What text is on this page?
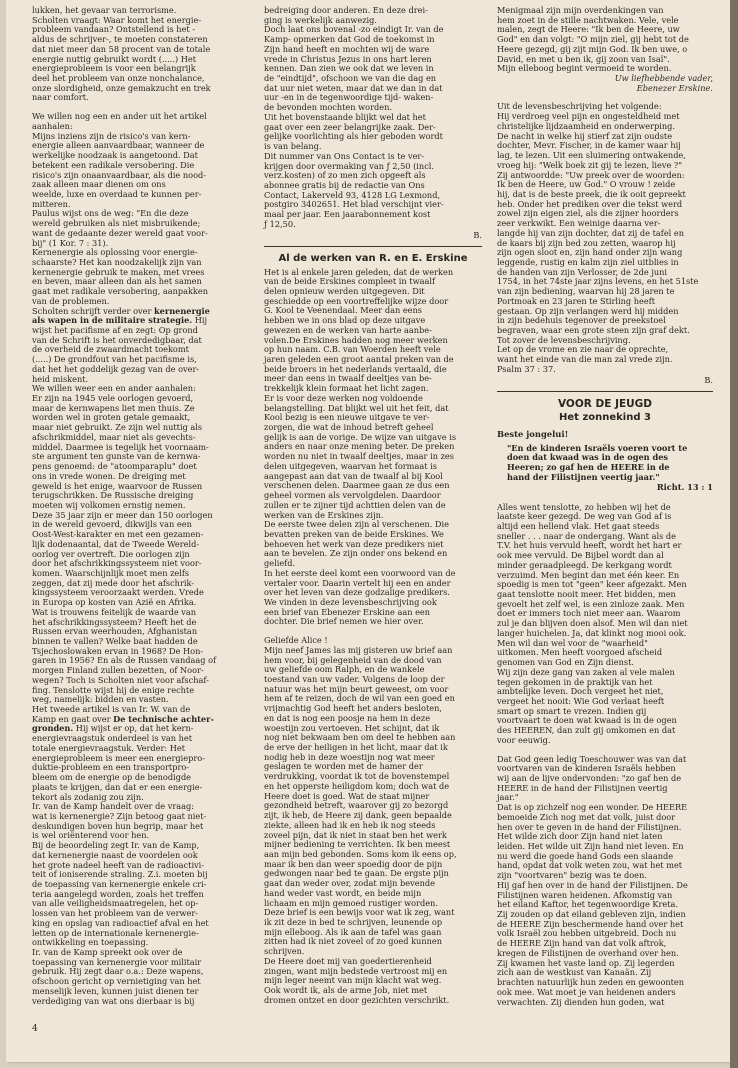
lukken, het gevaar van terrorisme.
Scholten vraagt: Waar komt het energie-
probleem vandaan? Ontstellend is het -
aldus de schrijver-, te moeten constateren
dat niet meer dan 58 procent van de totale
energie nuttig gebruikt wordt (.....) Het
energieprobleem is voor een belangrijk
deel het probleem van onze nonchalance,
onze slordigheid, onze gemakzucht en trek
naar comfort.

We willen nog een en ander uit het artikel
aanhalen:
Mijns inziens zijn de risico's van kern-
energie alleen aanvaardbaar, wanneer de
werkelijke noodzaak is aangetoond. Dat
betekent een radikale versobering. Die
risico's zijn onaanvaardbaar, als die nood-
zaak alleen maar dienen om ons
weelde, luxe en overdaad te kunnen per-
mitteren.
Paulus wijst ons de weg: "En die deze
wereld gebruiken als niet misbruikende;
want de gedaante dezer wereld gaat voor-
bij" (1 Kor. 7 : 31).
Kernenergie als oplossing voor energie-
schaarste? Het kan noodzakelijk zijn van
kernenergie gebruik te maken, met vrees
en beven, maar alleen dan als het samen
gaat met radikale versobering, aanpakken
van de problemen.

Scholten schrijft verder over kernenergie
als wapen in de militaire strategie. Hij
wijst het pacifisme af en zegt: Op grond
van de Schrift is het onverdedigbaar, dat
de overheid de zwaardmacht toekomt
(.....) De grondfout van het pacifisme is,
dat het het goddelijk gezag van de over-
heid miskent.
We willen weer een en ander aanhalen:
Er zijn na 1945 vele oorlogen gevoerd,
maar de kernwapens liet men thuis. Ze
worden wel in groten getale gemaakt,
maar niet gebruikt. Ze zijn wel nuttig als
afschrikmiddel, maar niet als gevechts-
middel. Daarmee is tegelijk het voornaam-
ste argument ten gunste van de kernwa-
pens genoemd: de "atoomparaplu" doet
ons in vrede wonen. De dreiging met
geweld is het enige, waarvoor de Russen
terugschrikken. De Russische dreiging
moeten wij volkomen ernstig nemen.
Deze 35 jaar zijn er meer dan 150 oorlogen
in de wereld gevoerd, dikwijls van een
Oost-West-karakter en met een gezamen-
lijk dodenaantal, dat de Tweede Wereld-
oorlog ver overtreft. Die oorlogen zijn
door het afschrikkingssysteem niet voor-
komen. Waarschijnlijk moet men zelfs
zeggen, dat zij mede door het afschrik-
kingssysteem veroorzaakt werden. Vrede
in Europa op kosten van Azië en Afrika.
Wat is trouwens feitelijk de waarde van
het afschrikkingssysteem? Heeft het de
Russen ervan weerhouden, Afghanistan
binnen te vallen? Welke baat hadden de
Tsjechoslowaken ervan in 1968? De Hon-
garen in 1956? En als de Russen vandaag of
morgen Finland zullen bezetten, of Noor-
wegen? Toch is Scholten niet voor afschaf-
fing. Tenslotte wijst hij de enige rechte
weg, namelijk: bidden en vasten.

Het tweede artikel is van Ir. W. van de
Kamp en gaat over De technische achter-
gronden. Hij wijst er op, dat het kern-
energievraagstuk onderdeel is van het
totale energievraagstuk. Verder: Het
energieprobleem is meer een energiepro-
duktie-probleem en een transportpro-
bleem om de energie op de benodigde
plaats te krijgen, dan dat er een energie-
tekort als zodanig zou zijn.
Ir. van de Kamp handelt over de vraag:
wat is kernenergie? Zijn betoog gaat niet-
deskundigen boven hun begrip, maar het
is wel oriënterend voor hen.
Bij de beoordeling zegt Ir. van de Kamp,
dat kernenergie naast de voordelen ook
het grote nadeel heeft van de radioactivi-
teit of ioniserende straling. Z.i. moeten bij
de toepassing van kernenergie enkele cri-
teria aangelegd worden, zoals het treffen
van alle veiligheidsmaatregelen, het op-
lossen van het probleem van de verwer-
king en opslag van radioactief afval en het
letten op de internationale kernenergie-
ontwikkeling en toepassing.
Ir. van de Kamp spreekt ook over de
toepassing van kernenergie voor militair
gebruik. Hij zegt daar o.a.: Deze wapens,
ofschoon gericht op vernietiging van het
menselijk leven, kunnen juist dienen ter
verdediging van wat ons dierbaar is bij

bedreiging door anderen. En deze drei-
ging is werkelijk aanwezig.
Doch laat ons bovenal -zo eindigt Ir. van de
Kamp- opmerken dat God de toekomst in
Zijn hand heeft en mochten wij de ware
vrede in Christus Jezus in ons hart leren
kennen. Dan zien we ook dat we leven in
de "eindtijd", ofschoon we van die dag en
dat uur niet weten, maar dat we dan in dat
uur -en in de tegenwoordige tijd- waken-
de bevonden mochten worden.
Uit het bovenstaande blijkt wel dat het
gaat over een zeer belangrijke zaak. Der-
gelijke voorlichting als hier geboden wordt
is van belang.
Dit nummer van Ons Contact is te ver-
krijgen door overmaking van ƒ 2,50 (incl.
verz.kosten) of zo men zich opgeeft als
abonnee gratis bij de redactie van Ons
Contact, Lakerveld 93, 4128 LG Lexmond,
postgiro 3402651. Het blad verschijnt vier-
maal per jaar. Een jaarabonnement kost
ƒ 12,50.

B.

Al de werken van R. en E. Erskine

Het is al enkele jaren geleden, dat de werken
van de beide Erskines compleet in twaalf
delen opnieuw werden uitgegeven. Dit
geschiedde op een voortreffelijke wijze door
G. Kool te Veenendaal. Meer dan eens
hebben we in ons blad op deze uitgave
gewezen en de werken van harte aanbe-
volen.De Erskines hadden nog meer werken
op hun naam. C.B. van Woerden heeft vele
jaren geleden een groot aantal preken van de
beide broers in het nederlands vertaald, die
meer dan eens in twaalf deeltjes van be-
trekkelijk klein formaat het licht zagen.
Er is voor deze werken nog voldoende
belangstelling. Dat blijkt wel uit het feit, dat
Kool bezig is een nieuwe uitgave te ver-
zorgen, die wat de inhoud betreft geheel
gelijk is aan de vorige. De wijze van uitgave is
anders en naar onze mening beter. De preken
worden nu niet in twaalf deeltjes, maar in zes
delen uitgegeven, waarvan het formaat is
aangepast aan dat van de twaalf al bij Kool
verschenen delen. Daarmee gaan ze dus een
geheel vormen als vervolgdelen. Daardoor
zullen er te zijner tijd achttien delen van de
werken van de Erskines zijn.
De eerste twee delen zijn al verschenen. Die
bevatten preken van de beide Erskines. We
behoeven het werk van deze predikers niet
aan te bevelen. Ze zijn onder ons bekend en
geliefd.
In het eerste deel komt een voorwoord van de
vertaler voor. Daarin vertelt hij een en ander
over het leven van deze godzalige predikers.
We vinden in deze levensbeschrijving ook
een brief van Ebenezer Erskine aan een
dochter. Die brief nemen we hier over.

Geliefde Alice !
Mijn neef James las mij gisteren uw brief aan
hem voor, bij gelegenheid van de dood van
uw geliefde oom Ralph, en de wankele
toestand van uw vader. Volgens de loop der
natuur was het mijn beurt geweest, om voor
hem af te reizen, doch de wil van een goed en
vrijmachtig God heeft het anders besloten,
en dat is nog een poosje na hem in deze
woestijn zou vertoeven. Het schijnt, dat ik
nog niet bekwaam ben om deel te hebben aan
de erve der heiligen in het licht, maar dat ik
nodig heb in deze woestijn nog wat meer
geslagen te worden met de hamer der
verdrukking, voordat ik tot de bovenstempel
en het opperste heiligdom kom; doch wat de
Heere doet is goed. Wat de staat mijner
gezondheid betreft, waarover gij zo bezorgd
zijt, ik heb, de Heere zij dank, geen bepaalde
ziekte, alleen had ik en heb ik nog steeds
zoveel pijn, dat ik niet in staat ben het werk
mijner bediening te verrichten. Ik ben meest
aan mijn bed gebonden. Soms kom ik eens op,
maar ik ben dan weer spoedig door de pijn
gedwongen naar bed te gaan. De ergste pijn
gaat dan weder over, zodat mijn bevende
hand weder vast wordt, en beide mijn
lichaam en mijn gemoed rustiger worden.
Deze brief is een bewijs voor wat ik zeg, want
ik zit deze in bed te schrijven, leunende op
mijn elleboog. Als ik aan de tafel was gaan
zitten had ik niet zoveel of zo goed kunnen
schrijven.
De Heere doet mij van goedertierenheid
zingen, want mijn bedstede vertroost mij en
mijn leger neemt van mijn klacht wat weg.
Ook wordt ik, als de arme Job, niet met
dromen ontzet en door gezichten verschrikt.

Menigmaal zijn mijn overdenkingen van
hem zoet in de stille nachtwaken. Vele, vele
malen, zegt de Heere: "Ik ben de Heere, uw
God" en dan volgt: "O mijn ziel, gij hebt tot de
Heere gezegd, gij zijt mijn God. Ik ben uwe, o
David, en met u ben ik, gij zoon van Isaï".
Mijn elleboog begint vermoeid te worden.

Uw liefhebbende vader,
Ebenezer Erskine.

Uit de levensbeschrijving het volgende:
Hij verdroeg veel pijn en ongesteldheid met
christelijke lijdzaamheid en onderwerping.
De nacht in welke hij stierf zat zijn oudste
dochter, Mevr. Fischer, in de kamer waar hij
lag, te lezen. Uit een sluimering ontwakende,
vroeg hij: "Welk boek zit gij te lezen, lieve ?"
Zij antwoordde: "Uw preek over de woorden:
Ik ben de Heere, uw God." O vrouw ! zeide
hij, dat is de beste preek, die ik ooit gepreekt
heb. Onder het prediken over die tekst werd
zowel zijn eigen ziel, als die zijner hoorders
zeer verkwikt. Een weinige daarna ver-
langde hij van zijn dochter, dat zij de tafel en
de kaars bij zijn bed zou zetten, waarop hij
zijn ogen sloot en, zijn hand onder zijn wang
leggende, rustig en kalm zijn ziel uitblies in
de handen van zijn Verlosser, de 2de juni
1754, in het 74ste jaar zijns levens, en het 51ste
van zijn bediening, waarvan hij 28 jaren te
Portmoak en 23 jaren te Stirling heeft
gestaan. Op zijn verlangen werd hij midden
in zijn bedehuis tegenover de preekstoel
begraven, waar een grote steen zijn graf dekt.
Tot zover de levensbeschrijving.
Let op de vrome en zie naar de oprechte,
want het einde van die man zal vrede zijn.
Psalm 37 : 37.

B.

VOOR DE JEUGD
Het zonnekind 3

Beste jongelui!

"En de kinderen Israëls voeren voort te
doen dat kwaad was in de ogen des
Heeren; zo gaf hen de HEERE in de
hand der Filistijnen veertig jaar."
Richt. 13 : 1

Alles went tenslotte, zo hebben wij het de
laatste keer gezegd. De weg van God af is
altijd een hellend vlak. Het gaat steeds
sneller . . . naar de ondergang. Want als de
T.V. het huis vervuld heeft, wordt het hart er
ook mee vervuld. De Bijbel wordt dan al
minder geraadpleegd. De kerkgang wordt
verzuimd. Men begint dan met één keer. En
spoedig is men tot "geen" keer afgezakt. Men
gaat tenslotte nooit meer. Het bidden, men
gevoelt het zelf wel, is een zinloze zaak. Men
doet er immers toch niet meer aan. Waarom
zul je dan blijven doen alsof. Men wil dan niet
langer huichelen. Ja, dat klinkt nog mooi ook.
Men wil dan wel voor de "waarheid"
uitkomen. Men heeft voorgoed afscheid
genomen van God en Zijn dienst.
Wij zijn deze gang van zaken al vele malen
tegen gekomen in de praktijk van het
ambtelijke leven. Doch vergeet het niet,
vergeet het nooit: Wie God verlaat heeft
smart op smart te vrezen. Indien gij
voortvaart te doen wat kwaad is in de ogen
des HEEREN, dan zult gij omkomen en dat
voor eeuwig.

Dat God geen ledig Toeschouwer was van dat
voortvaren van de kinderen Israëls hebben
wij aan de lijve ondervonden: "zo gaf hen de
HEERE in de hand der Filistijnen veertig
jaar."
Dat is op zichzelf nog een wonder. De HEERE
bemoeide Zich nog met dat volk, juist door
hen over te geven in de hand der Filistijnen.
Het wilde zich door Zijn hand niet laten
leiden. Het wilde uit Zijn hand niet leven. En
nu werd die goede hand Gods een slaande
hand, opdat dat volk weten zou, wat het met
zijn "voortvaren" bezig was te doen.
Hij gaf hen over in de hand der Filistijnen. De
Filistijnen waren heidenen. Afkomstig van
het eiland Kaftor, het tegenwoordige Kreta.
Zij zouden op dat eiland gebleven zijn, indien
de HEERE Zijn beschermende hand over het
volk Israël zou hebben uitgebreid. Doch nu
de HEERE Zijn hand van dat volk aftrok,
kregen de Filistijnen de overhand over hen.
Zij kwamen het vaste land op. Zij legerden
zich aan de westkust van Kanaän. Zij
brachten natuurlijk hun zeden en gewoonten
ook mee. Wat moet je van heidenen anders
verwachten. Zij dienden hun goden, wat

4
